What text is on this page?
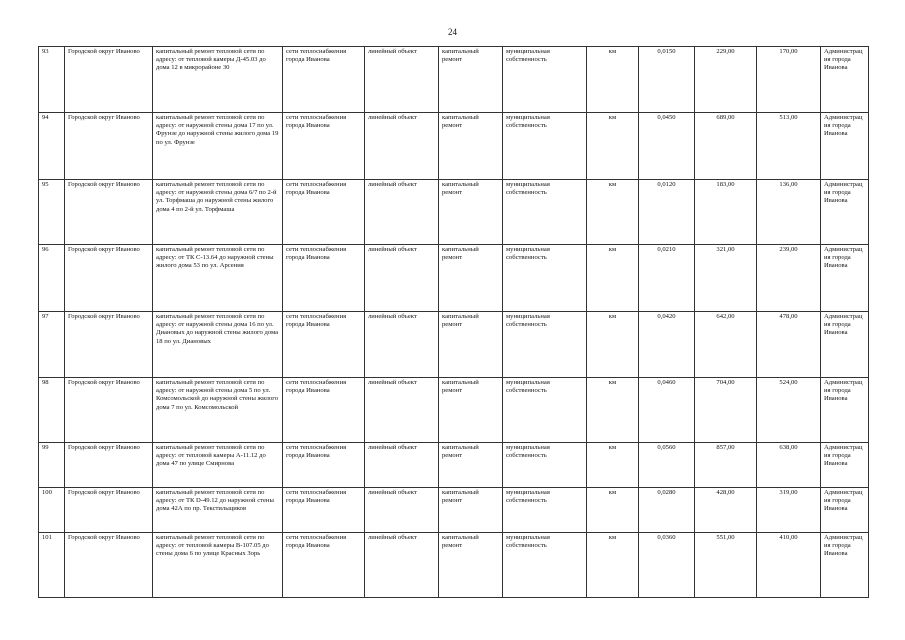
24
93	Городской округ Иваново	капитальный ремонт тепловой сети по адресу: от тепловой камеры Д-45.03 до дома 12 в микрорайоне 30	сети теплоснабжения города Иванова	линейный объект	капитальный ремонт	муниципальная собственность	км	0,0150	229,00	170,00	Администрация города Иванова
94	Городской округ Иваново	капитальный ремонт тепловой сети по адресу: от наружной стены дома 17 по ул. Фрунзе до наружной стены жилого дома 19 по ул. Фрунзе	сети теплоснабжения города Иванова	линейный объект	капитальный ремонт	муниципальная собственность	км	0,0450	689,00	513,00	Администрация города Иванова
95	Городской округ Иваново	капитальный ремонт тепловой сети по адресу: от наружной стены дома 6/7 по 2-й ул. Торфмаша до наружной стены жилого дома 4 по 2-й ул. Торфмаша	сети теплоснабжения города Иванова	линейный объект	капитальный ремонт	муниципальная собственность	км	0,0120	183,00	136,00	Администрация города Иванова
96	Городской округ Иваново	капитальный ремонт тепловой сети по адресу: от ТК С-13.64 до наружной стены жилого дома 53 по ул. Арсения	сети теплоснабжения города Иванова	линейный объект	капитальный ремонт	муниципальная собственность	км	0,0210	321,00	239,00	Администрация города Иванова
97	Городской округ Иваново	капитальный ремонт тепловой сети по адресу: от наружной стены дома 16 по ул. Диановых до наружной стены жилого дома 18 по ул. Диановых	сети теплоснабжения города Иванова	линейный объект	капитальный ремонт	муниципальная собственность	км	0,0420	642,00	478,00	Администрация города Иванова
98	Городской округ Иваново	капитальный ремонт тепловой сети по адресу: от наружной стены дома 5 по ул. Комсомольской до наружной стены жилого дома 7 по ул. Комсомольской	сети теплоснабжения города Иванова	линейный объект	капитальный ремонт	муниципальная собственность	км	0,0460	704,00	524,00	Администрация города Иванова
99	Городской округ Иваново	капитальный ремонт тепловой сети по адресу: от тепловой камеры А-11.12 до дома 47 по улице Смирнова	сети теплоснабжения города Иванова	линейный объект	капитальный ремонт	муниципальная собственность	км	0,0560	857,00	638,00	Администрация города Иванова
100	Городской округ Иваново	капитальный ремонт тепловой сети по адресу: от ТК D-49.12 до наружной стены дома 42А по пр. Текстильщиков	сети теплоснабжения города Иванова	линейный объект	капитальный ремонт	муниципальная собственность	км	0,0280	428,00	319,00	Администрация города Иванова
101	Городской округ Иваново	капитальный ремонт тепловой сети по адресу: от тепловой камеры В-107.05 до стены дома 6 по улице Красных Зорь	сети теплоснабжения города Иванова	линейный объект	капитальный ремонт	муниципальная собственность	км	0,0360	551,00	410,00	Администрация города Иванова
